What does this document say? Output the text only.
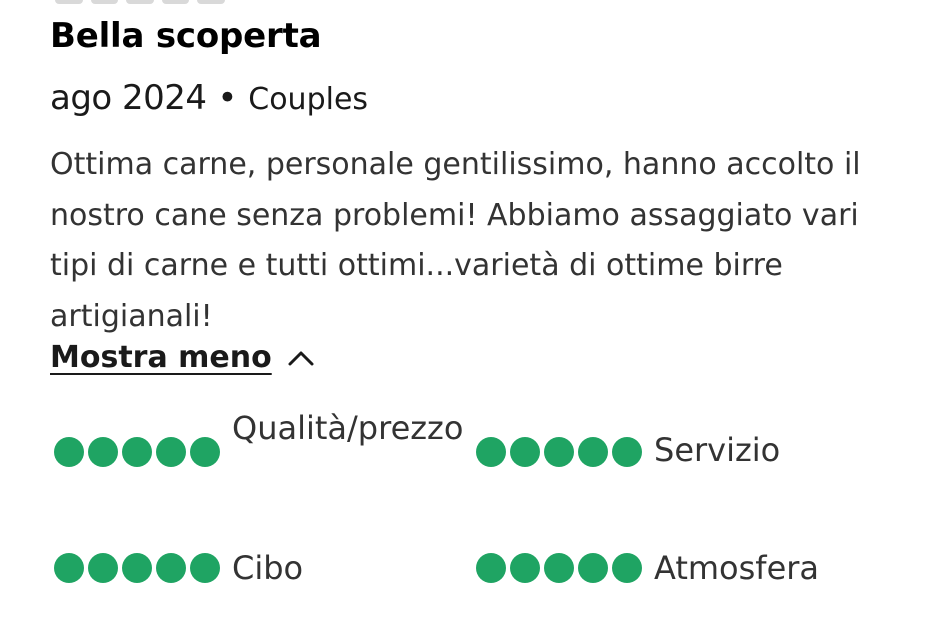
Bella scoperta
ago 2024 • Couples

Ottima carne, personale gentilissimo, hanno accolto il nostro cane senza problemi! Abbiamo assaggiato vari tipi di carne e tutti ottimi...varietà di ottime birre artigianali!

Mostra meno
Qualità/prezzo
Servizio
Cibo	Atmosfera
